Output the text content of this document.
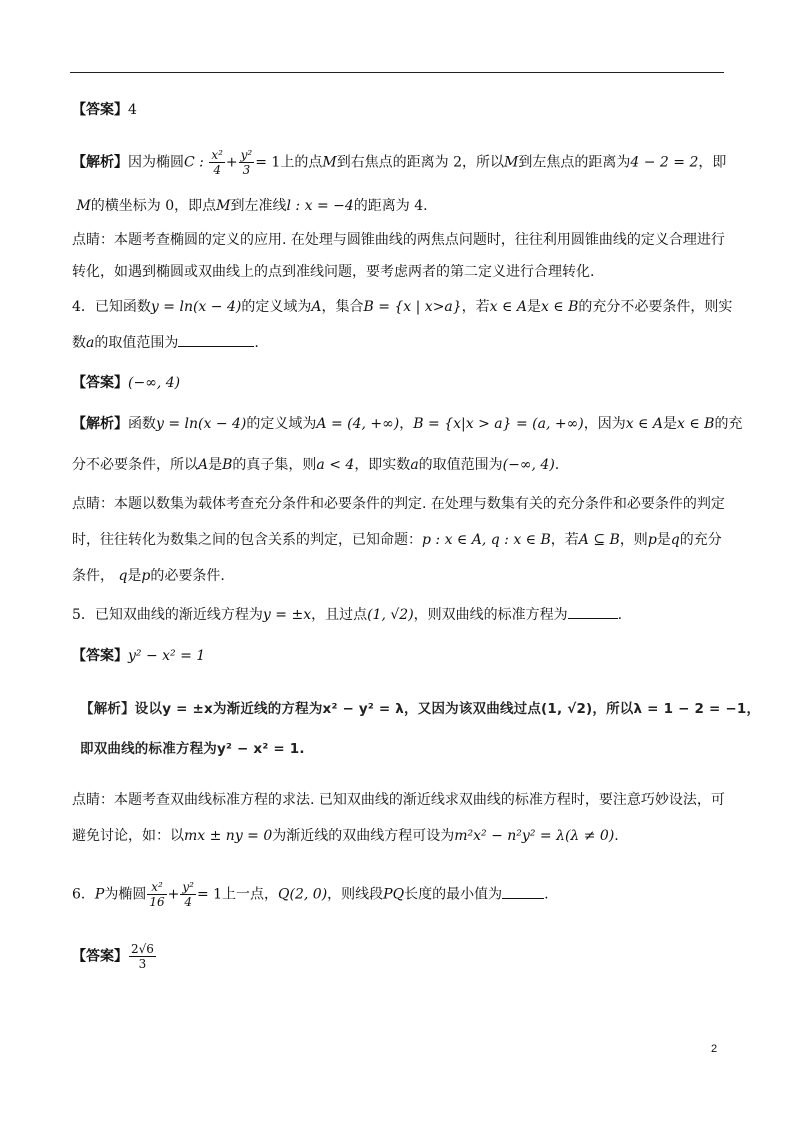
【答案】4
【解析】因为椭圆C : $\frac{\text{x²}}{4} + \frac{\text{y²}}{3} = 1$上的点M到右焦点的距离为 2，所以M到左焦点的距离为4 − 2 = 2，即
M的横坐标为 0，即点M到左准线l : x = −4的距离为 4.
点睛：本题考查椭圆的定义的应用. 在处理与圆锥曲线的两焦点问题时，往往利用圆锥曲线的定义合理进行
转化，如遇到椭圆或双曲线上的点到准线问题，要考虑两者的第二定义进行合理转化.
4．已知函数y = ln(x − 4)的定义域为A，集合B = {x | x>a}，若x ∈ A是x ∈ B的充分不必要条件，则实
数a的取值范围为	.
【答案】(−∞, 4)
【解析】函数y = ln(x − 4)的定义域为A = (4, +∞)，B = {x|x > a} = (a, +∞)，因为x ∈ A是x ∈ B的充
分不必要条件，所以A是B的真子集，则a < 4，即实数a的取值范围为(−∞, 4).
点睛：本题以数集为载体考查充分条件和必要条件的判定. 在处理与数集有关的充分条件和必要条件的判定
时，往往转化为数集之间的包含关系的判定，已知命题：p : x ∈ A, q : x ∈ B，若A ⊆ B，则p是q的充分
条件， q是p的必要条件.
5．已知双曲线的渐近线方程为y = ±x，且过点(1, √2)，则双曲线的标准方程为	.
【答案】y² − x² = 1
【解析】设以y = ±x为渐近线的方程为x² − y² = λ，又因为该双曲线过点(1, √2)，所以λ = 1 − 2 = −1，
即双曲线的标准方程为y² − x² = 1.
点睛：本题考查双曲线标准方程的求法. 已知双曲线的渐近线求双曲线的标准方程时，要注意巧妙设法，可
避免讨论，如：以mx ± ny = 0为渐近线的双曲线方程可设为m²x² − n²y² = λ(λ ≠ 0).
6．P为椭圆 $\frac{\text{x²}}{16} + \frac{\text{y²}}{4} = 1$上一点，Q(2, 0)，则线段PQ长度的最小值为	.
【答案】 $\frac{2√6}{3}$
2
